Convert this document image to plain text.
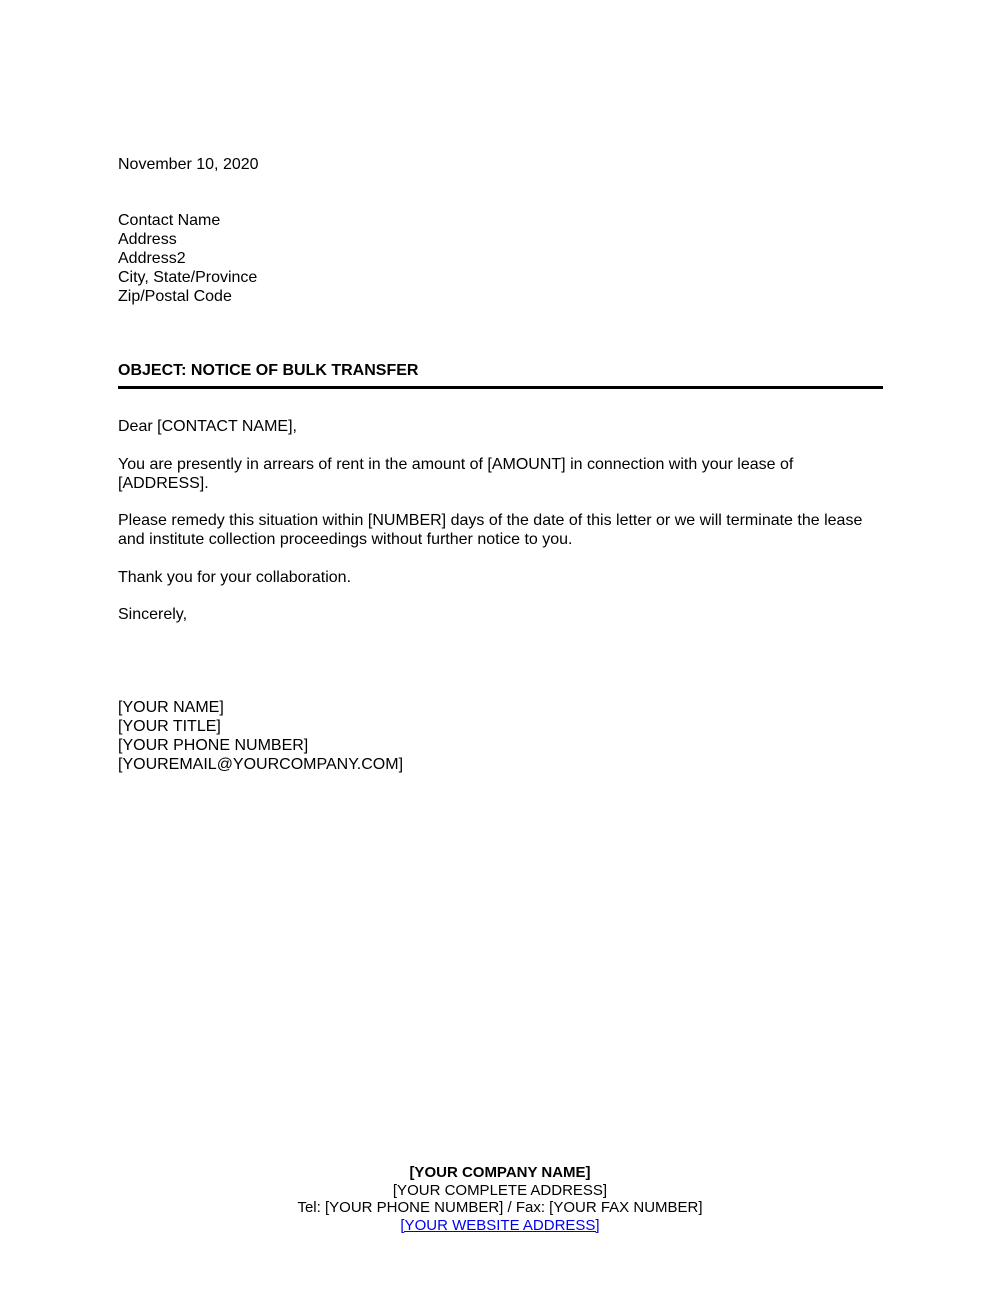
November 10, 2020
Contact Name
Address
Address2
City, State/Province
Zip/Postal Code
OBJECT: NOTICE OF BULK TRANSFER
Dear [CONTACT NAME],
You are presently in arrears of rent in the amount of [AMOUNT] in connection with your lease of
[ADDRESS].
Please remedy this situation within [NUMBER] days of the date of this letter or we will terminate the lease
and institute collection proceedings without further notice to you.
Thank you for your collaboration.
Sincerely,
[YOUR NAME]
[YOUR TITLE]
[YOUR PHONE NUMBER]
[YOUREMAIL@YOURCOMPANY.COM]
[YOUR COMPANY NAME]
[YOUR COMPLETE ADDRESS]
Tel: [YOUR PHONE NUMBER] / Fax: [YOUR FAX NUMBER]
[YOUR WEBSITE ADDRESS]
